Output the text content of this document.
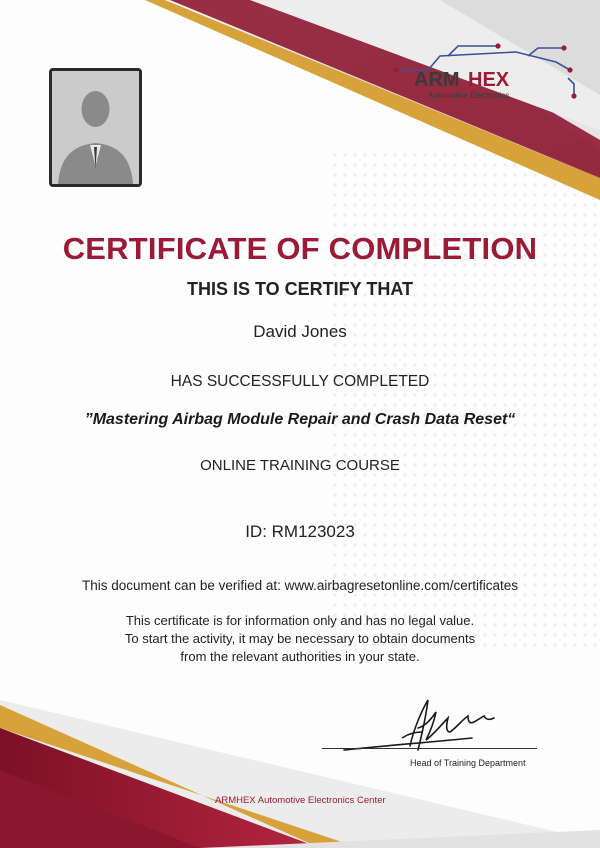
ARM HEX
Automotive Electronics
CERTIFICATE OF COMPLETION
THIS IS TO CERTIFY THAT
David Jones
HAS SUCCESSFULLY COMPLETED
”Mastering Airbag Module Repair and Crash Data Reset“
ONLINE TRAINING COURSE
ID: RM123023
This document can be verified at: www.airbagresetonline.com/certificates
This certificate is for information only and has no legal value.
To start the activity, it may be necessary to obtain documents
from the relevant authorities in your state.
Head of Training Department
ARMHEX Automotive Electronics Center
